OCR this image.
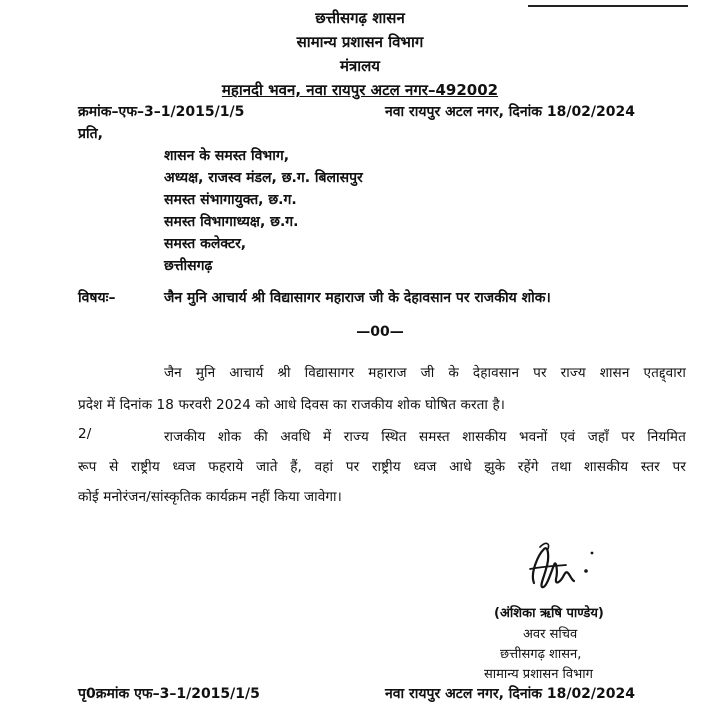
छत्तीसगढ़ शासन
सामान्य प्रशासन विभाग
मंत्रालय
महानदी भवन, नवा रायपुर अटल नगर–492002
क्रमांक–एफ–3–1/2015/1/5	नवा रायपुर अटल नगर, दिनांक 18/02/2024
प्रति,
शासन के समस्त विभाग,
अध्यक्ष, राजस्व मंडल, छ.ग. बिलासपुर
समस्त संभागायुक्त, छ.ग.
समस्त विभागाध्यक्ष, छ.ग.
समस्त कलेक्टर,
छत्तीसगढ़
विषयः–	जैन मुनि आचार्य श्री विद्यासागर महाराज जी के देहावसान पर राजकीय शोक।
—00—
जैन मुनि आचार्य श्री विद्यासागर महाराज जी के देहावसान पर राज्य शासन एतद्द्वारा
प्रदेश में दिनांक 18 फरवरी 2024 को आधे दिवस का राजकीय शोक घोषित करता है।
2/	राजकीय शोक की अवधि में राज्य स्थित समस्त शासकीय भवनों एवं जहाँ पर नियमित
रूप से राष्ट्रीय ध्वज फहराये जाते हैं, वहां पर राष्ट्रीय ध्वज आधे झुके रहेंगे तथा शासकीय स्तर पर
कोई मनोरंजन/सांस्कृतिक कार्यक्रम नहीं किया जावेगा।
(अंशिका ऋषि पाण्डेय)
अवर सचिव
छत्तीसगढ़ शासन,
सामान्य प्रशासन विभाग
पृ0क्रमांक एफ–3–1/2015/1/5	नवा रायपुर अटल नगर, दिनांक 18/02/2024
